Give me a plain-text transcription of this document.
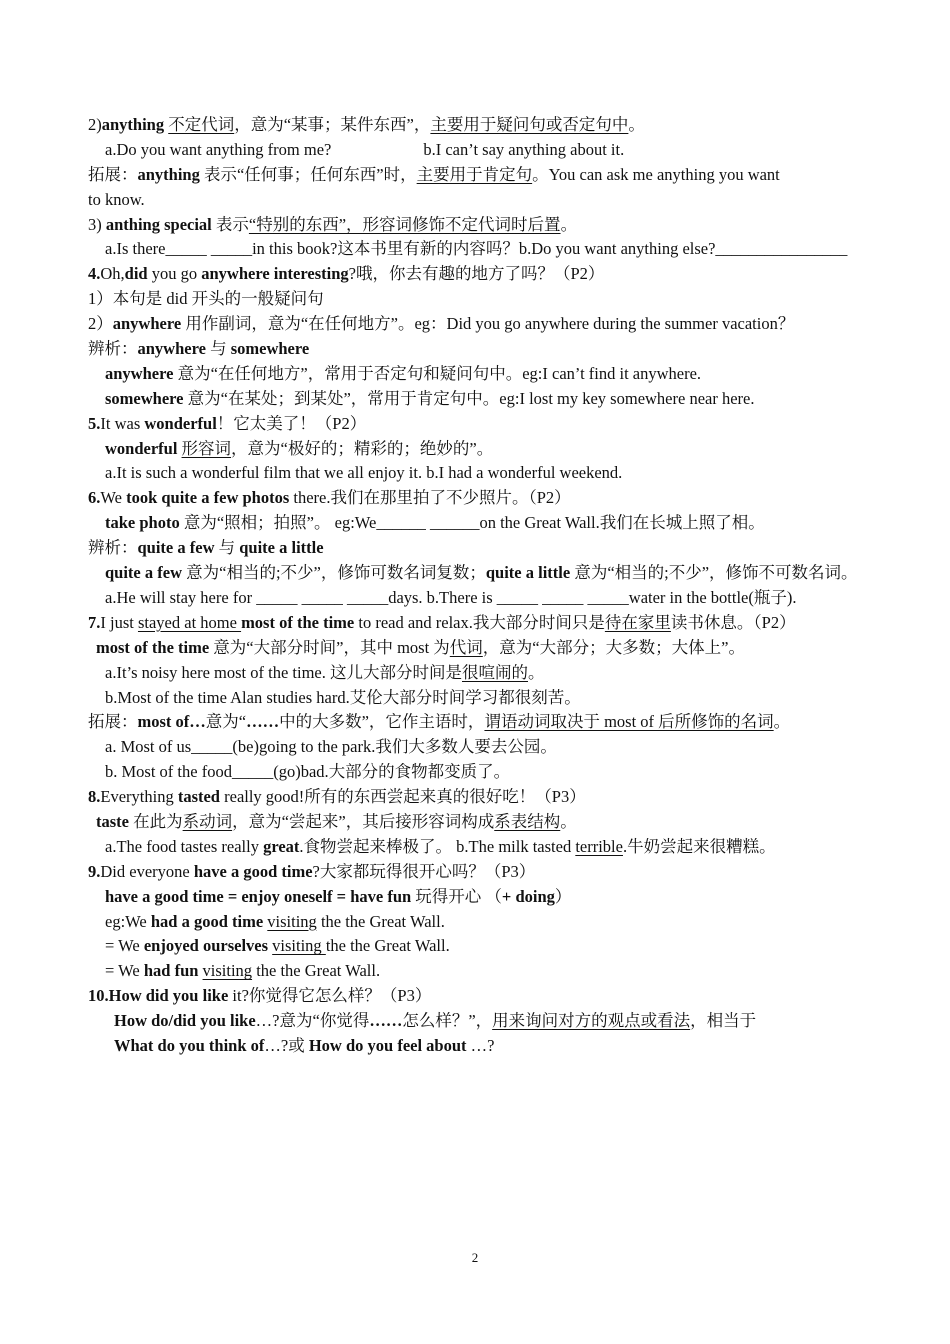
2)anything 不定代词，意为“某事；某件东西”，主要用于疑问句或否定句中。
a.Do you want anything from me?	b.I can’t say anything about it.
拓展：anything 表示“任何事；任何东西”时，主要用于肯定句。You can ask me anything you want
to know.
3) anthing special 表示“特别的东西”，形容词修饰不定代词时后置。
a.Is there_____ _____in this book?这本书里有新的内容吗？b.Do you want anything else?________________
4.Oh,did you go anywhere interesting?哦，你去有趣的地方了吗？（P2）
1）本句是 did 开头的一般疑问句
2）anywhere 用作副词，意为“在任何地方”。eg：Did you go anywhere during the summer vacation？
辨析：anywhere 与 somewhere
anywhere 意为“在任何地方”，常用于否定句和疑问句中。eg:I can’t find it anywhere.
somewhere 意为“在某处；到某处”，常用于肯定句中。eg:I lost my key somewhere near here.
5.It was wonderful！它太美了！（P2）
wonderful 形容词，意为“极好的；精彩的；绝妙的”。
a.It is such a wonderful film that we all enjoy it. b.I had a wonderful weekend.
6.We took quite a few photos there.我们在那里拍了不少照片。（P2）
take photo 意为“照相；拍照”。 eg:We______ ______on the Great Wall.我们在长城上照了相。
辨析：quite a few 与 quite a little
quite a few 意为“相当的;不少”，修饰可数名词复数；quite a little 意为“相当的;不少”，修饰不可数名词。
a.He will stay here for _____ _____ _____days. b.There is _____ _____ _____water in the bottle(瓶子).
7.I just stayed at home most of the time to read and relax.我大部分时间只是待在家里读书休息。（P2）
most of the time 意为“大部分时间”，其中 most 为代词，意为“大部分；大多数；大体上”。
a.It’s noisy here most of the time. 这儿大部分时间是很喧闹的。
b.Most of the time Alan studies hard.艾伦大部分时间学习都很刻苦。
拓展：most of…意为“……中的大多数”，它作主语时，谓语动词取决于 most of 后所修饰的名词。
a. Most of us_____(be)going to the park.我们大多数人要去公园。
b. Most of the food_____(go)bad.大部分的食物都变质了。
8.Everything tasted really good!所有的东西尝起来真的很好吃！（P3）
taste 在此为系动词，意为“尝起来”，其后接形容词构成系表结构。
a.The food tastes really great.食物尝起来棒极了。 b.The milk tasted terrible.牛奶尝起来很糟糕。
9.Did everyone have a good time?大家都玩得很开心吗？（P3）
have a good time = enjoy oneself = have fun 玩得开心 （+ doing）
eg:We had a good time visiting the the Great Wall.
= We enjoyed ourselves visiting the the Great Wall.
= We had fun visiting the the Great Wall.
10.How did you like it?你觉得它怎么样？（P3）
How do/did you like…?意为“你觉得……怎么样？”，用来询问对方的观点或看法，相当于
What do you think of…?或 How do you feel about …?
2
